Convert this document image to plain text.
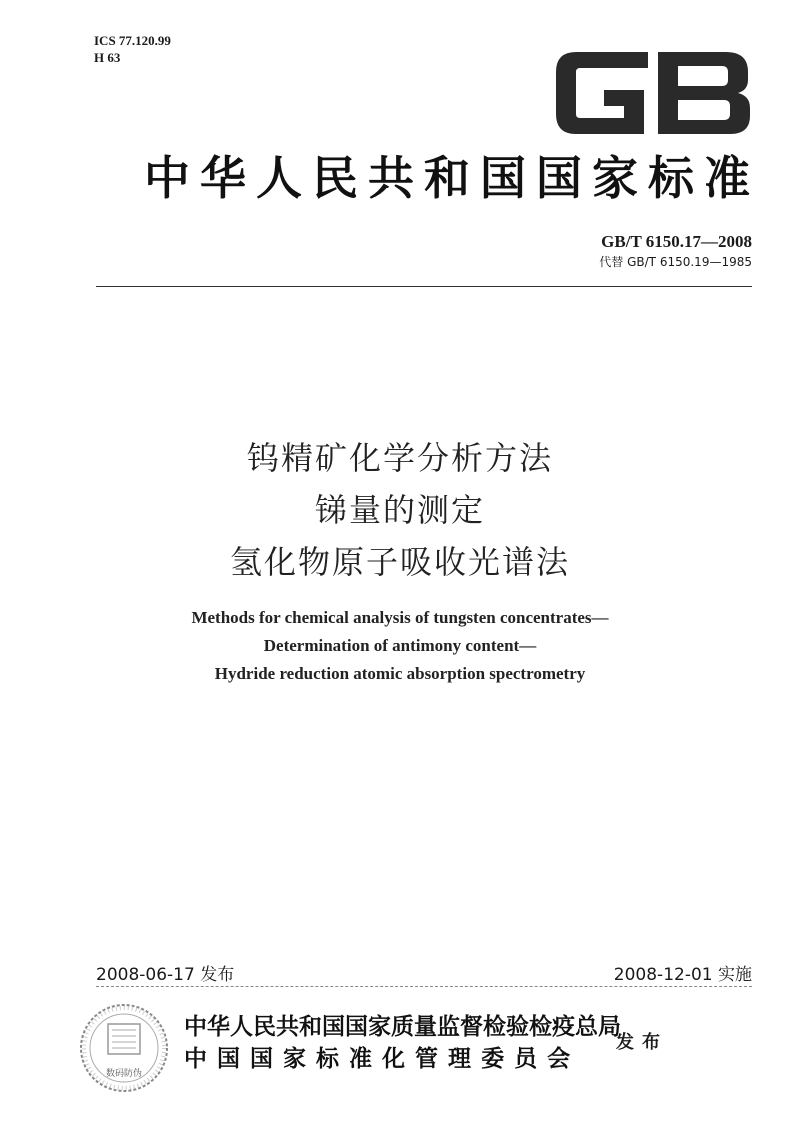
ICS 77.120.99
H 63
中华人民共和国国家标准
GB/T 6150.17—2008
代替 GB/T 6150.19—1985
钨精矿化学分析方法
锑量的测定
氢化物原子吸收光谱法
Methods for chemical analysis of tungsten concentrates—
Determination of antimony content—
Hydride reduction atomic absorption spectrometry
2008-06-17 发布	2008-12-01 实施
数码防伪
中华人民共和国国家质量监督检验检疫总局
中 国 国 家 标 准 化 管 理 委 员 会
发布
